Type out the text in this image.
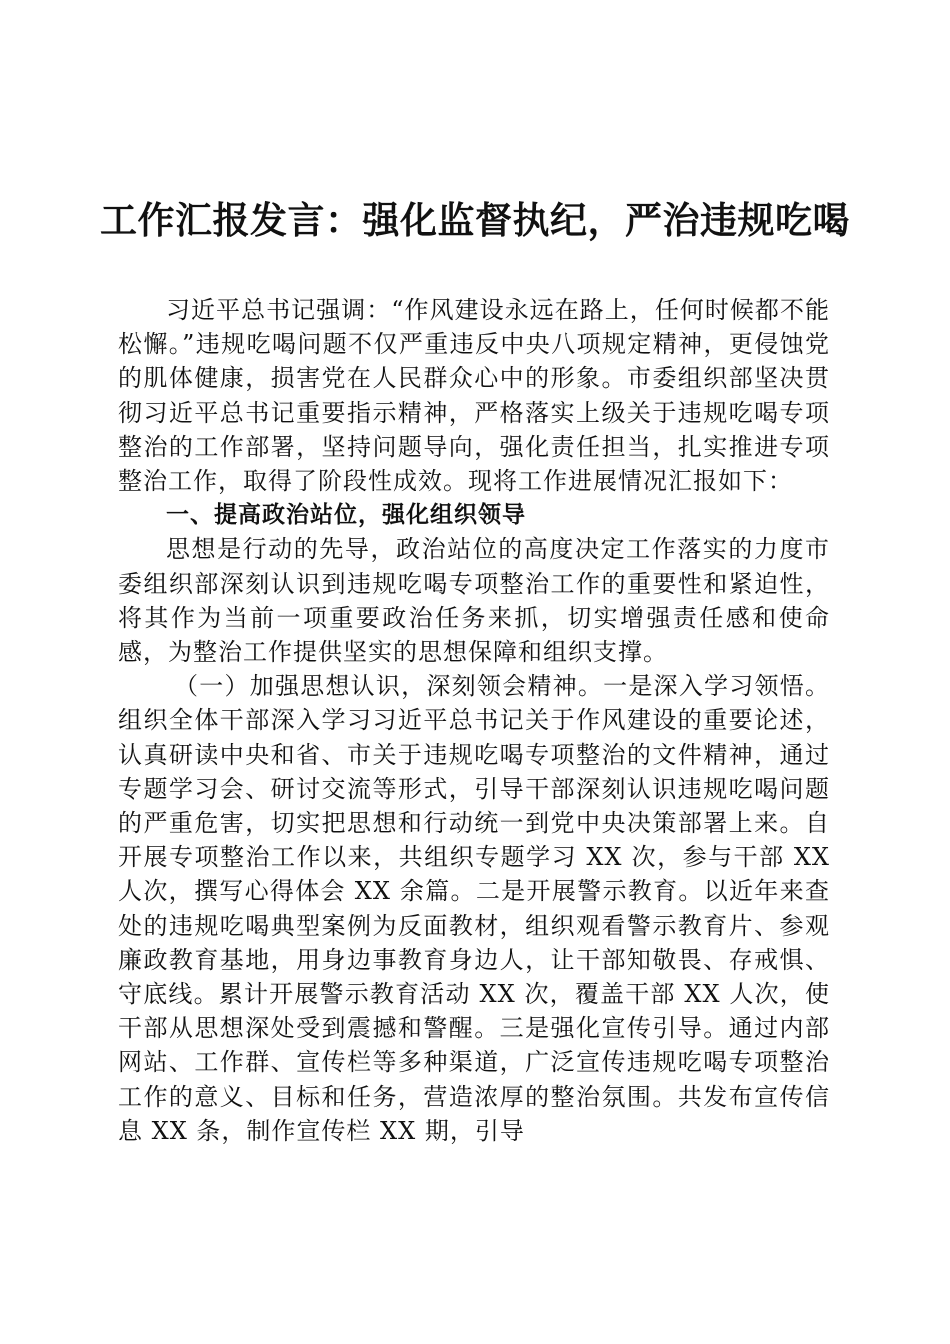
工作汇报发言：强化监督执纪，严治违规吃喝

习近平总书记强调：“作风建设永远在路上，任何时候都不能松懈。”违规吃喝问题不仅严重违反中央八项规定精神，更侵蚀党的肌体健康，损害党在人民群众心中的形象。市委组织部坚决贯彻习近平总书记重要指示精神，严格落实上级关于违规吃喝专项整治的工作部署，坚持问题导向，强化责任担当，扎实推进专项整治工作，取得了阶段性成效。现将工作进展情况汇报如下：

一、提高政治站位，强化组织领导

思想是行动的先导，政治站位的高度决定工作落实的力度市委组织部深刻认识到违规吃喝专项整治工作的重要性和紧迫性，将其作为当前一项重要政治任务来抓，切实增强责任感和使命感，为整治工作提供坚实的思想保障和组织支撑。

（一）加强思想认识，深刻领会精神。一是深入学习领悟。组织全体干部深入学习习近平总书记关于作风建设的重要论述，认真研读中央和省、市关于违规吃喝专项整治的文件精神，通过专题学习会、研讨交流等形式，引导干部深刻认识违规吃喝问题的严重危害，切实把思想和行动统一到党中央决策部署上来。自开展专项整治工作以来，共组织专题学习 XX 次，参与干部 XX 人次，撰写心得体会 XX 余篇。二是开展警示教育。以近年来查处的违规吃喝典型案例为反面教材，组织观看警示教育片、参观廉政教育基地，用身边事教育身边人，让干部知敬畏、存戒惧、守底线。累计开展警示教育活动 XX 次，覆盖干部 XX 人次，使干部从思想深处受到震撼和警醒。三是强化宣传引导。通过内部网站、工作群、宣传栏等多种渠道，广泛宣传违规吃喝专项整治工作的意义、目标和任务，营造浓厚的整治氛围。共发布宣传信息 XX 条，制作宣传栏 XX 期，引导
